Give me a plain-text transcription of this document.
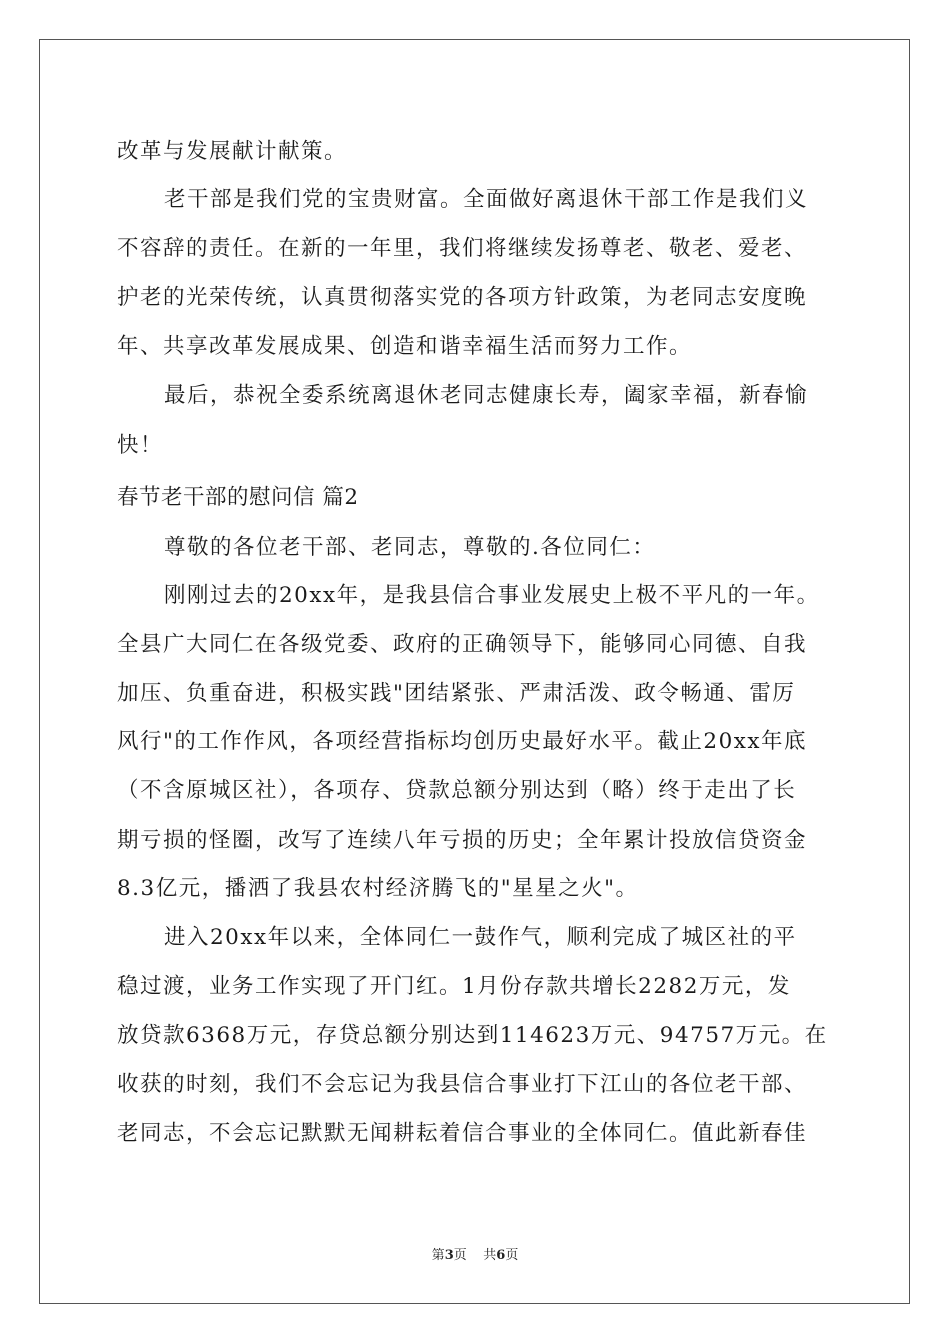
改革与发展献计献策。

老干部是我们党的宝贵财富。全面做好离退休干部工作是我们义

不容辞的责任。在新的一年里，我们将继续发扬尊老、敬老、爱老、

护老的光荣传统，认真贯彻落实党的各项方针政策，为老同志安度晚

年、共享改革发展成果、创造和谐幸福生活而努力工作。

最后，恭祝全委系统离退休老同志健康长寿，阖家幸福，新春愉

快！

春节老干部的慰问信 篇2

尊敬的各位老干部、老同志，尊敬的.各位同仁：

刚刚过去的20xx年，是我县信合事业发展史上极不平凡的一年。

全县广大同仁在各级党委、政府的正确领导下，能够同心同德、自我

加压、负重奋进，积极实践"团结紧张、严肃活泼、政令畅通、雷厉

风行"的工作作风，各项经营指标均创历史最好水平。截止20xx年底

（不含原城区社），各项存、贷款总额分别达到（略）终于走出了长

期亏损的怪圈，改写了连续八年亏损的历史；全年累计投放信贷资金

8.3亿元，播洒了我县农村经济腾飞的"星星之火"。

进入20xx年以来，全体同仁一鼓作气，顺利完成了城区社的平

稳过渡，业务工作实现了开门红。1月份存款共增长2282万元，发

放贷款6368万元，存贷总额分别达到114623万元、94757万元。在

收获的时刻，我们不会忘记为我县信合事业打下江山的各位老干部、

老同志，不会忘记默默无闻耕耘着信合事业的全体同仁。值此新春佳

第3页    共6页
